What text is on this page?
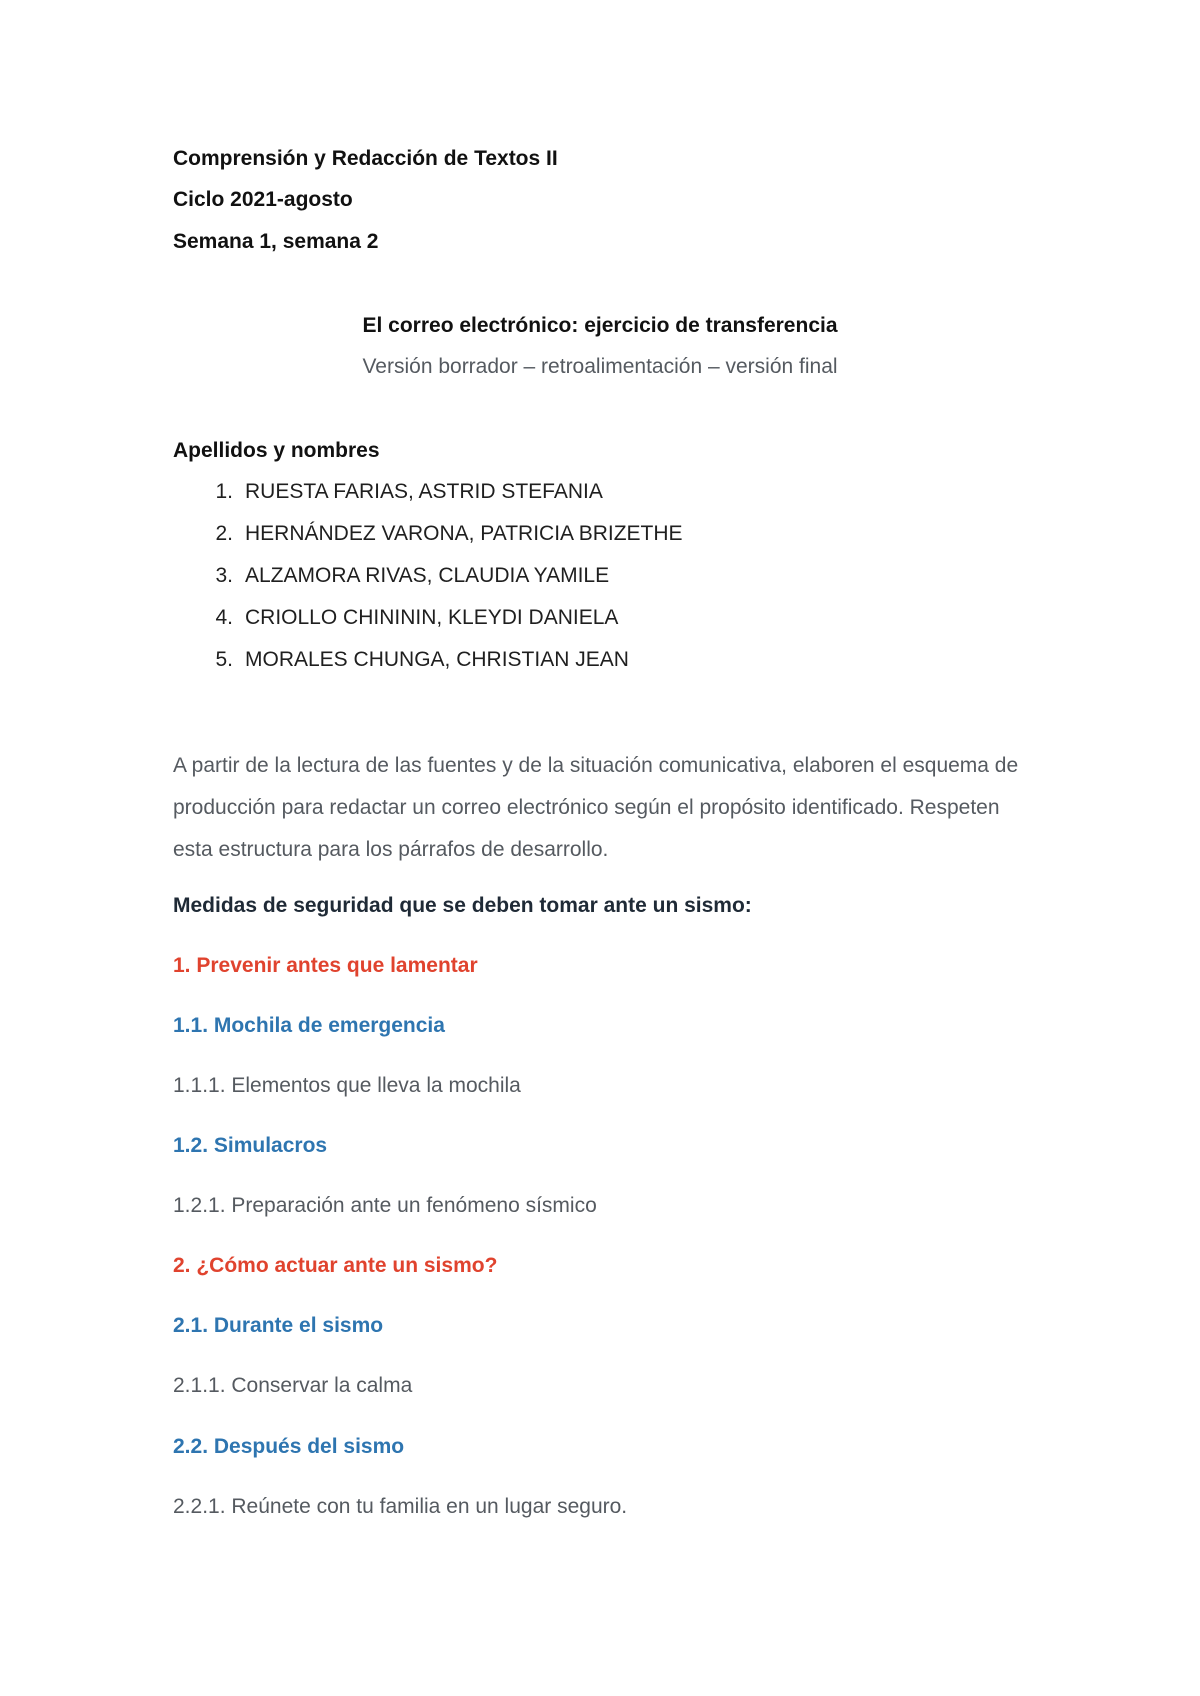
Comprensión y Redacción de Textos II
Ciclo 2021-agosto
Semana 1, semana 2
El correo electrónico: ejercicio de transferencia
Versión borrador – retroalimentación – versión final
Apellidos y nombres
1. RUESTA FARIAS, ASTRID STEFANIA
2. HERNÁNDEZ VARONA, PATRICIA BRIZETHE
3. ALZAMORA RIVAS, CLAUDIA YAMILE
4. CRIOLLO CHINININ, KLEYDI DANIELA
5. MORALES CHUNGA, CHRISTIAN JEAN

A partir de la lectura de las fuentes y de la situación comunicativa, elaboren el esquema de producción para redactar un correo electrónico según el propósito identificado. Respeten esta estructura para los párrafos de desarrollo.

Medidas de seguridad que se deben tomar ante un sismo:
1. Prevenir antes que lamentar
1.1. Mochila de emergencia
1.1.1. Elementos que lleva la mochila
1.2. Simulacros
1.2.1. Preparación ante un fenómeno sísmico
2. ¿Cómo actuar ante un sismo?
2.1. Durante el sismo
2.1.1. Conservar la calma
2.2. Después del sismo
2.2.1. Reúnete con tu familia en un lugar seguro.
